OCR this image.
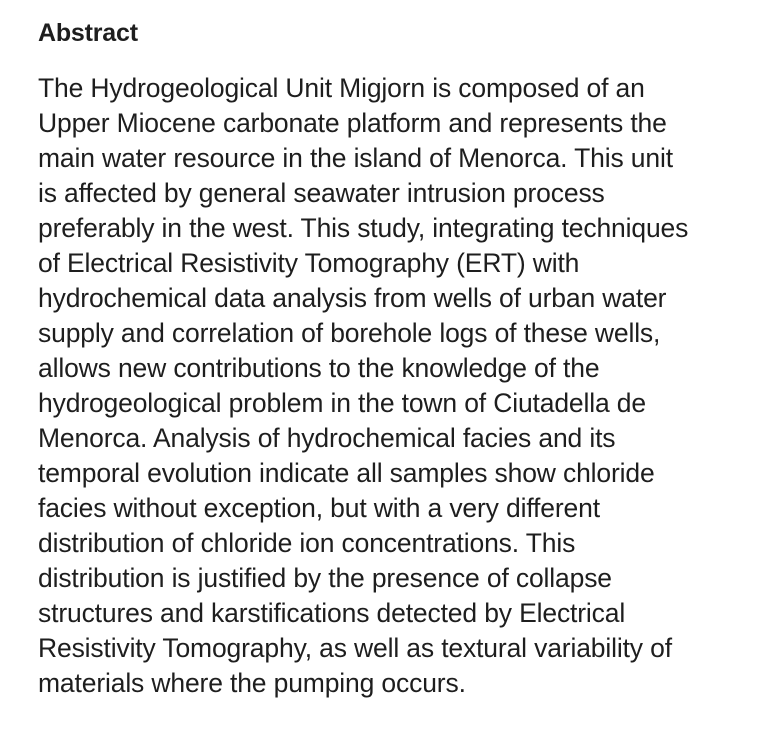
Abstract
The Hydrogeological Unit Migjorn is composed of an
Upper Miocene carbonate platform and represents the
main water resource in the island of Menorca. This unit
is affected by general seawater intrusion process
preferably in the west. This study, integrating techniques
of Electrical Resistivity Tomography (ERT) with
hydrochemical data analysis from wells of urban water
supply and correlation of borehole logs of these wells,
allows new contributions to the knowledge of the
hydrogeological problem in the town of Ciutadella de
Menorca. Analysis of hydrochemical facies and its
temporal evolution indicate all samples show chloride
facies without exception, but with a very different
distribution of chloride ion concentrations. This
distribution is justified by the presence of collapse
structures and karstifications detected by Electrical
Resistivity Tomography, as well as textural variability of
materials where the pumping occurs.
